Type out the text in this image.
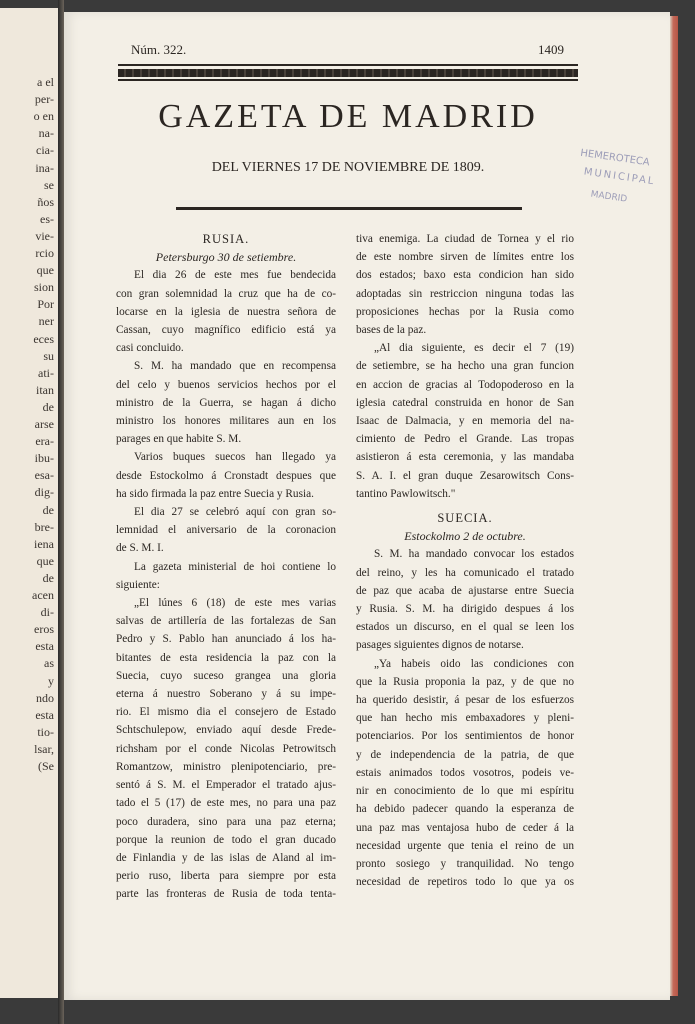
a el
per-
o en
na-
cia-
ina-
se
ños
es-
vie-
rcio
que
sion
Por
ner
eces
su
ati-
itan
de
arse
era-
ibu-
esa-
dig-
de
bre-
iena
que
de
acen
di-
eros
esta
as
y
ndo
esta
tio-
lsar,
(Se
Núm. 322.	1409
GAZETA DE MADRID
DEL VIERNES 17 DE NOVIEMBRE DE 1809.	HEMEROTECA
MUNICIPAL
MADRID
RUSIA.
Petersburgo 30 de setiembre.
El dia 26 de este mes fue bendecida
con gran solemnidad la cruz que ha de co-
locarse en la iglesia de nuestra señora de
Cassan, cuyo magnífico edificio está ya
casi concluido.
S. M. ha mandado que en recompensa
del celo y buenos servicios hechos por el
ministro de la Guerra, se hagan á dicho
ministro los honores militares aun en los
parages en que habite S. M.
Varios buques suecos han llegado ya
desde Estockolmo á Cronstadt despues que
ha sido firmada la paz entre Suecia y Rusia.
El dia 27 se celebró aquí con gran so-
lemnidad el aniversario de la coronacion
de S. M. I.
La gazeta ministerial de hoi contiene lo
siguiente:
„El lúnes 6 (18) de este mes varias
salvas de artillería de las fortalezas de San
Pedro y S. Pablo han anunciado á los ha-
bitantes de esta residencia la paz con la
Suecia, cuyo suceso grangea una gloria
eterna á nuestro Soberano y á su impe-
rio. El mismo dia el consejero de Estado
Schtschulepow, enviado aquí desde Frede-
richsham por el conde Nicolas Petrowitsch
Romantzow, ministro plenipotenciario, pre-
sentó á S. M. el Emperador el tratado ajus-
tado el 5 (17) de este mes, no para una paz
poco duradera, sino para una paz eterna;
porque la reunion de todo el gran ducado
de Finlandia y de las islas de Aland al im-
perio ruso, liberta para siempre por esta
parte las fronteras de Rusia de toda tenta-
tiva enemiga. La ciudad de Tornea y el rio
de este nombre sirven de límites entre los
dos estados; baxo esta condicion han sido
adoptadas sin restriccion ninguna todas las
proposiciones hechas por la Rusia como
bases de la paz.
„Al dia siguiente, es decir el 7 (19)
de setiembre, se ha hecho una gran funcion
en accion de gracias al Todopoderoso en la
iglesia catedral construida en honor de San
Isaac de Dalmacia, y en memoria del na-
cimiento de Pedro el Grande. Las tropas
asistieron á esta ceremonia, y las mandaba
S. A. I. el gran duque Zesarowitsch Cons-
tantino Pawlowitsch."
SUECIA.
Estockolmo 2 de octubre.
S. M. ha mandado convocar los estados
del reino, y les ha comunicado el tratado
de paz que acaba de ajustarse entre Suecia
y Rusia. S. M. ha dirigido despues á los
estados un discurso, en el qual se leen los
pasages siguientes dignos de notarse.
„Ya habeis oido las condiciones con
que la Rusia proponia la paz, y de que no
ha querido desistir, á pesar de los esfuerzos
que han hecho mis embaxadores y pleni-
potenciarios. Por los sentimientos de honor
y de independencia de la patria, de que
estais animados todos vosotros, podeis ve-
nir en conocimiento de lo que mi espíritu
ha debido padecer quando la esperanza de
una paz mas ventajosa hubo de ceder á la
necesidad urgente que tenia el reino de un
pronto sosiego y tranquilidad. No tengo
necesidad de repetiros todo lo que ya os
